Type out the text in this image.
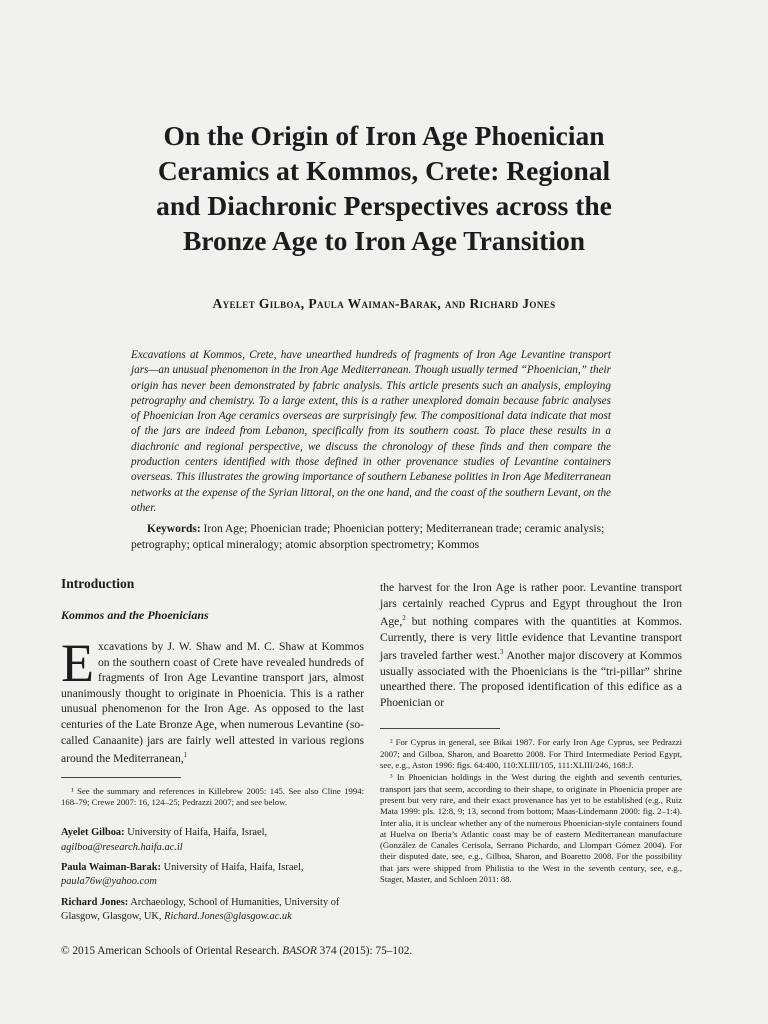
On the Origin of Iron Age Phoenician
Ceramics at Kommos, Crete: Regional
and Diachronic Perspectives across the
Bronze Age to Iron Age Transition

Ayelet Gilboa, Paula Waiman-Barak, and Richard Jones

Excavations at Kommos, Crete, have unearthed hundreds of fragments of Iron Age Levantine transport jars—an unusual phenomenon in the Iron Age Mediterranean. Though usually termed “Phoenician,” their origin has never been demonstrated by fabric analysis. This article presents such an analysis, employing petrography and chemistry. To a large extent, this is a rather unexplored domain because fabric analyses of Phoenician Iron Age ceramics overseas are surprisingly few. The compositional data indicate that most of the jars are indeed from Lebanon, specifically from its southern coast. To place these results in a diachronic and regional perspective, we discuss the chronology of these finds and then compare the production centers identified with those defined in other provenance studies of Levantine containers overseas. This illustrates the growing importance of southern Lebanese polities in Iron Age Mediterranean networks at the expense of the Syrian littoral, on the one hand, and the coast of the southern Levant, on the other.

Keywords: Iron Age; Phoenician trade; Phoenician pottery; Mediterranean trade; ceramic analysis; petrography; optical mineralogy; atomic absorption spectrometry; Kommos

Introduction
Kommos and the Phoenicians

Excavations by J. W. Shaw and M. C. Shaw at Kommos on the southern coast of Crete have revealed hundreds of fragments of Iron Age Levantine transport jars, almost unanimously thought to originate in Phoenicia. This is a rather unusual phenomenon for the Iron Age. As opposed to the last centuries of the Late Bronze Age, when numerous Levantine (so-called Canaanite) jars are fairly well attested in various regions around the Mediterranean,$^1$

¹ See the summary and references in Killebrew 2005: 145. See also Cline 1994: 168–79; Crewe 2007: 16, 124–25; Pedrazzi 2007; and see below.

Ayelet Gilboa: University of Haifa, Haifa, Israel, agilboa@research.haifa.ac.il

Paula Waiman-Barak: University of Haifa, Haifa, Israel, paula76w@yahoo.com

Richard Jones: Archaeology, School of Humanities, University of Glasgow, Glasgow, UK, Richard.Jones@glasgow.ac.uk

the harvest for the Iron Age is rather poor. Levantine transport jars certainly reached Cyprus and Egypt throughout the Iron Age,$^2$ but nothing compares with the quantities at Kommos. Currently, there is very little evidence that Levantine transport jars traveled farther west.$^3$ Another major discovery at Kommos usually associated with the Phoenicians is the “tri-pillar” shrine unearthed there. The proposed identification of this edifice as a Phoenician or

² For Cyprus in general, see Bikai 1987. For early Iron Age Cyprus, see Pedrazzi 2007; and Gilboa, Sharon, and Boaretto 2008. For Third Intermediate Period Egypt, see, e.g., Aston 1996: figs. 64:400, 110:XLIII/105, 111:XLIII/246, 168:J.

³ In Phoenician holdings in the West during the eighth and seventh centuries, transport jars that seem, according to their shape, to originate in Phoenicia proper are present but very rare, and their exact provenance has yet to be established (e.g., Ruiz Mata 1999: pls. 12:8, 9; 13, second from bottom; Maas-Lindemann 2000: fig. 2–1:4). Inter alia, it is unclear whether any of the numerous Phoenician-style containers found at Huelva on Iberia’s Atlantic coast may be of eastern Mediterranean manufacture (González de Canales Cerisola, Serrano Pichardo, and Llompart Gómez 2004). For their disputed date, see, e.g., Gilboa, Sharon, and Boaretto 2008. For the possibility that jars were shipped from Philistia to the West in the seventh century, see, e.g., Stager, Master, and Schloen 2011: 88.

© 2015 American Schools of Oriental Research. BASOR 374 (2015): 75–102.
